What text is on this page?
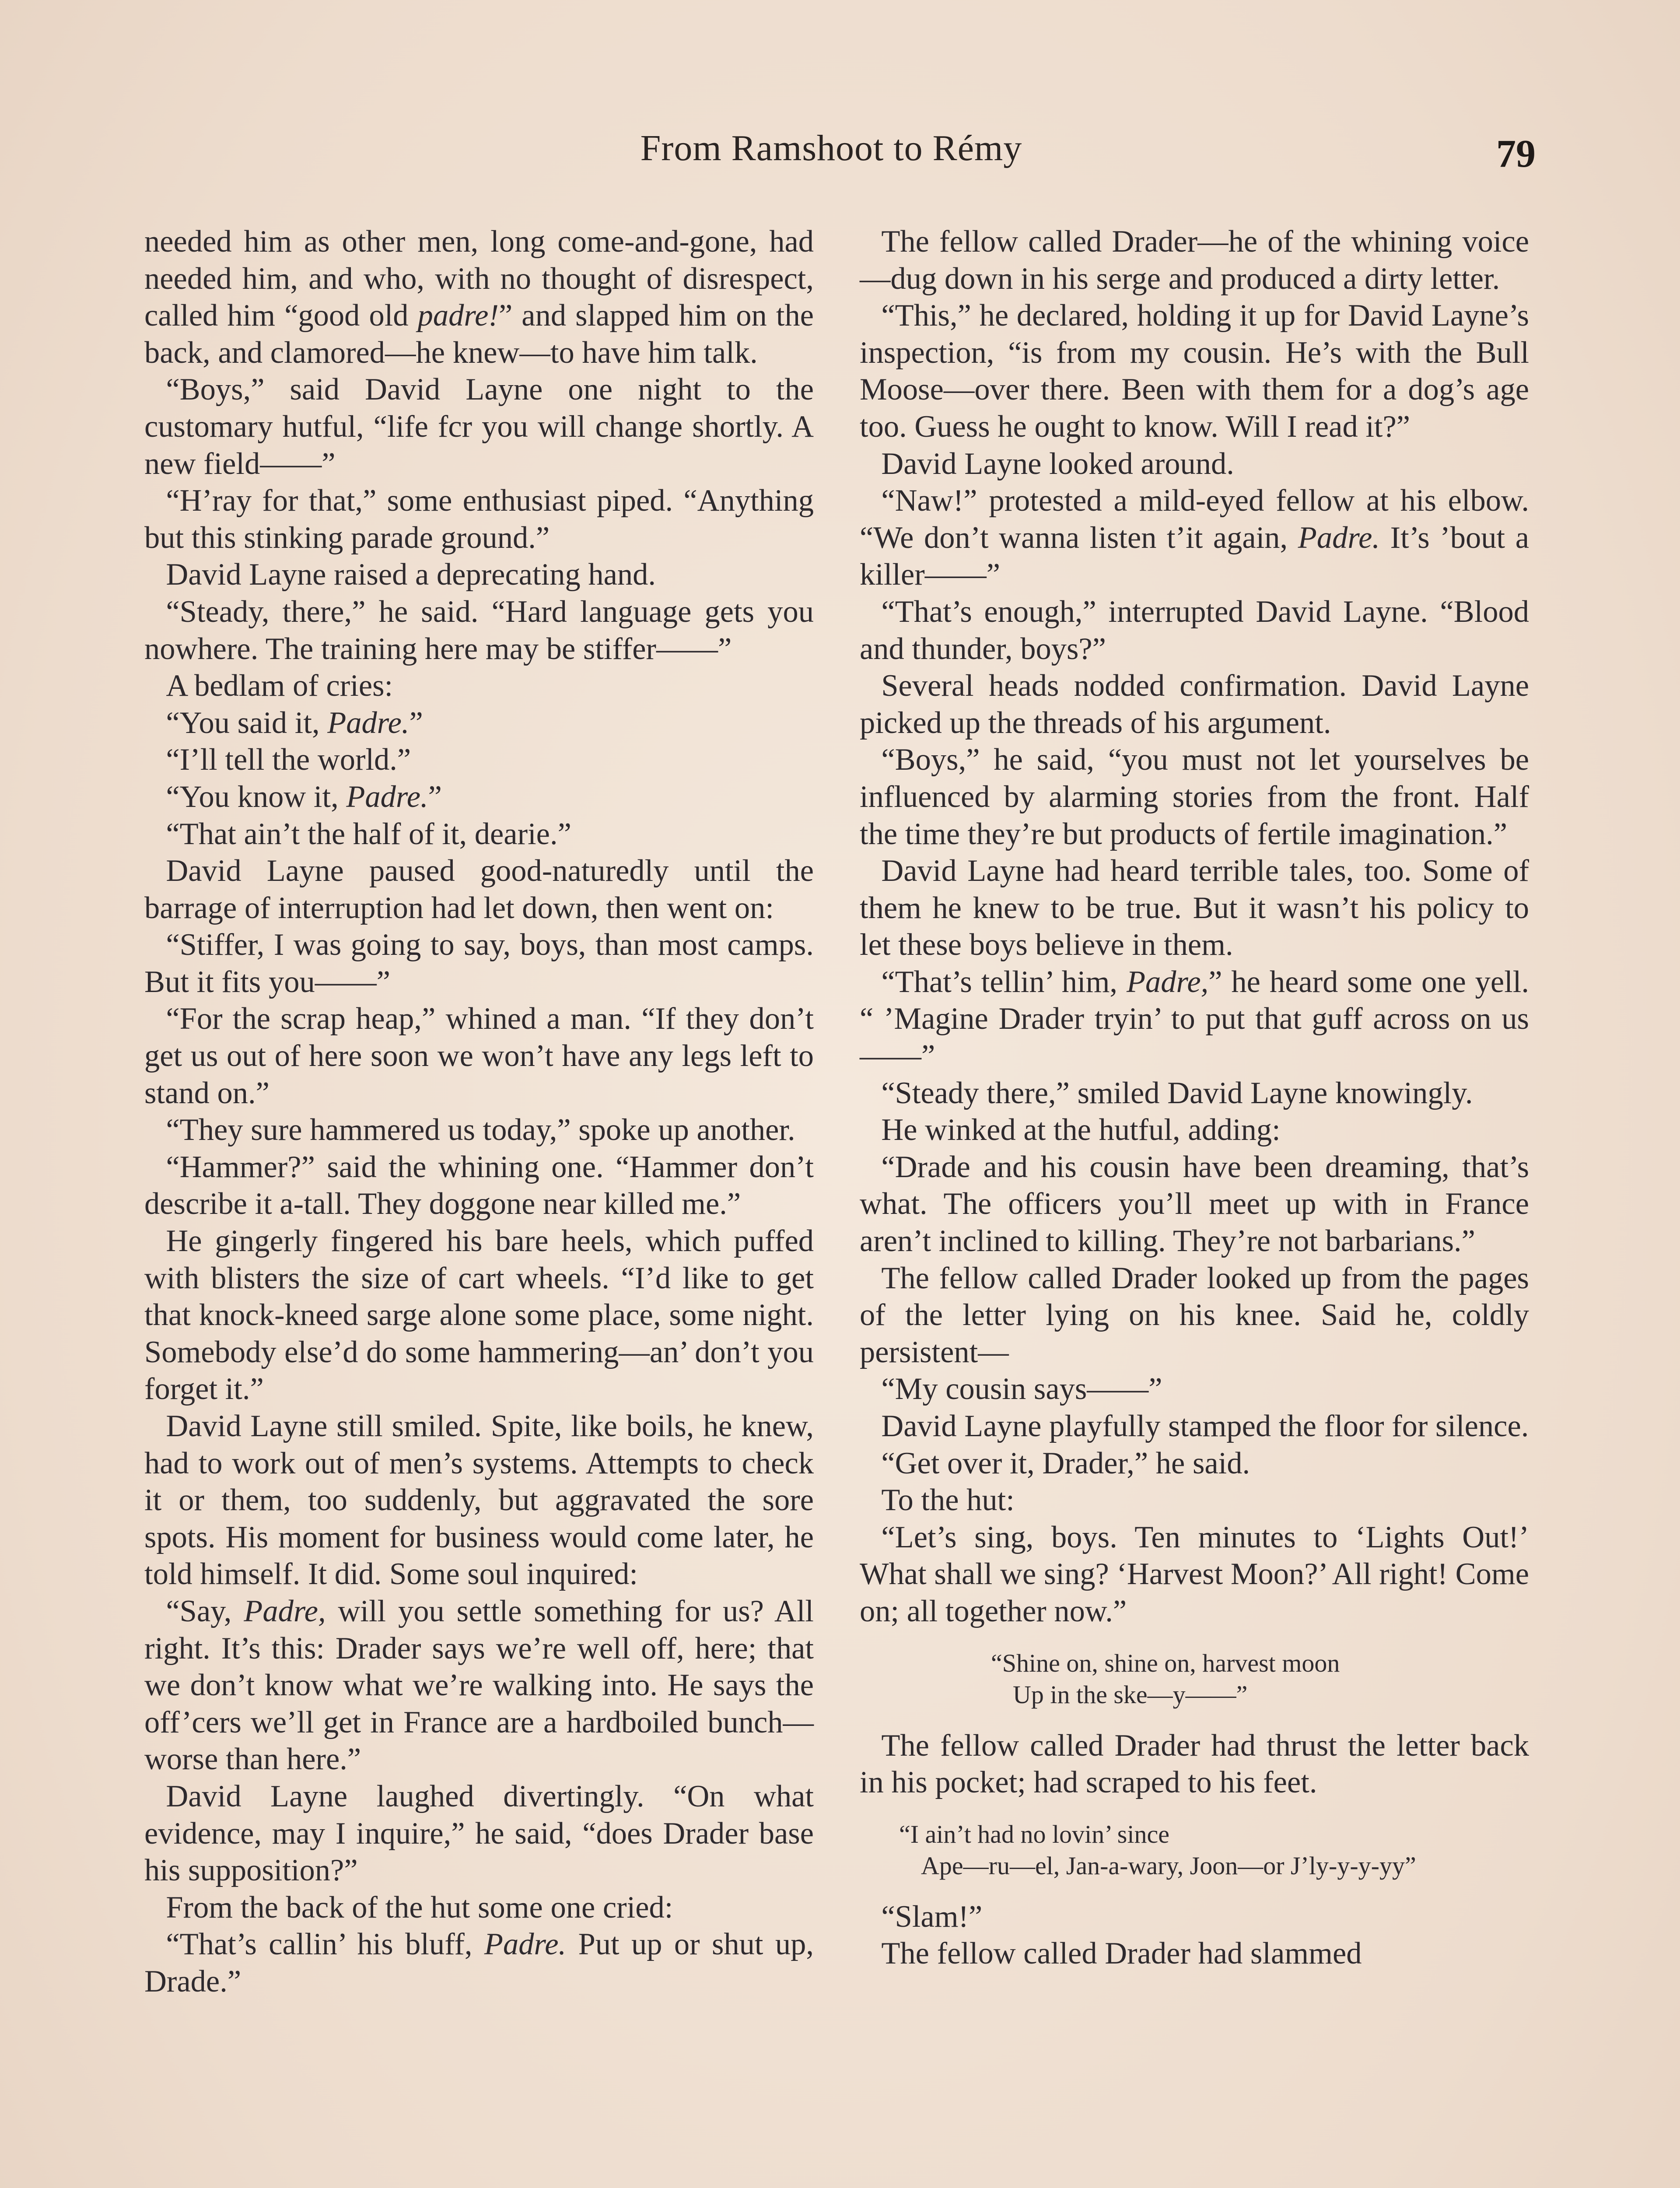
From Ramshoot to Rémy	79

needed him as other men, long come-and-gone, had needed him, and who, with no thought of disrespect, called him “good old padre!” and slapped him on the back, and clamored—he knew—to have him talk.

“Boys,” said David Layne one night to the customary hutful, “life fcr you will change shortly. A new field——”

“H’ray for that,” some enthusiast piped. “Anything but this stinking parade ground.”

David Layne raised a deprecating hand.

“Steady, there,” he said. “Hard language gets you nowhere. The training here may be stiffer——”

A bedlam of cries:

“You said it, Padre.”

“I’ll tell the world.”

“You know it, Padre.”

“That ain’t the half of it, dearie.”

David Layne paused good-naturedly until the barrage of interruption had let down, then went on:

“Stiffer, I was going to say, boys, than most camps. But it fits you——”

“For the scrap heap,” whined a man. “If they don’t get us out of here soon we won’t have any legs left to stand on.”

“They sure hammered us today,” spoke up another.

“Hammer?” said the whining one. “Hammer don’t describe it a-tall. They doggone near killed me.”

He gingerly fingered his bare heels, which puffed with blisters the size of cart wheels. “I’d like to get that knock-kneed sarge alone some place, some night. Somebody else’d do some hammering—an’ don’t you forget it.”

David Layne still smiled. Spite, like boils, he knew, had to work out of men’s systems. Attempts to check it or them, too suddenly, but aggravated the sore spots. His moment for business would come later, he told himself. It did. Some soul inquired:

“Say, Padre, will you settle something for us? All right. It’s this: Drader says we’re well off, here; that we don’t know what we’re walking into. He says the off’cers we’ll get in France are a hardboiled bunch—worse than here.”

David Layne laughed divertingly. “On what evidence, may I inquire,” he said, “does Drader base his supposition?”

From the back of the hut some one cried:

“That’s callin’ his bluff, Padre. Put up or shut up, Drade.”

The fellow called Drader—he of the whining voice—dug down in his serge and produced a dirty letter.

“This,” he declared, holding it up for David Layne’s inspection, “is from my cousin. He’s with the Bull Moose—over there. Been with them for a dog’s age too. Guess he ought to know. Will I read it?”

David Layne looked around.

“Naw!” protested a mild-eyed fellow at his elbow. “We don’t wanna listen t’it again, Padre. It’s ’bout a killer——”

“That’s enough,” interrupted David Layne. “Blood and thunder, boys?”

Several heads nodded confirmation. David Layne picked up the threads of his argument.

“Boys,” he said, “you must not let yourselves be influenced by alarming stories from the front. Half the time they’re but products of fertile imagination.”

David Layne had heard terrible tales, too. Some of them he knew to be true. But it wasn’t his policy to let these boys believe in them.

“That’s tellin’ him, Padre,” he heard some one yell. “ ’Magine Drader tryin’ to put that guff across on us——”

“Steady there,” smiled David Layne knowingly.

He winked at the hutful, adding:

“Drade and his cousin have been dreaming, that’s what. The officers you’ll meet up with in France aren’t inclined to killing. They’re not barbarians.”

The fellow called Drader looked up from the pages of the letter lying on his knee. Said he, coldly persistent—

“My cousin says——”

David Layne playfully stamped the floor for silence.

“Get over it, Drader,” he said.

To the hut:

“Let’s sing, boys. Ten minutes to ‘Lights Out!’ What shall we sing? ‘Harvest Moon?’ All right! Come on; all together now.”

“Shine on, shine on, harvest moon
Up in the ske—y——”

The fellow called Drader had thrust the letter back in his pocket; had scraped to his feet.

“I ain’t had no lovin’ since
Ape—ru—el, Jan-a-wary, Joon—or J’ly-y-y-yy”

“Slam!”

The fellow called Drader had slammed
